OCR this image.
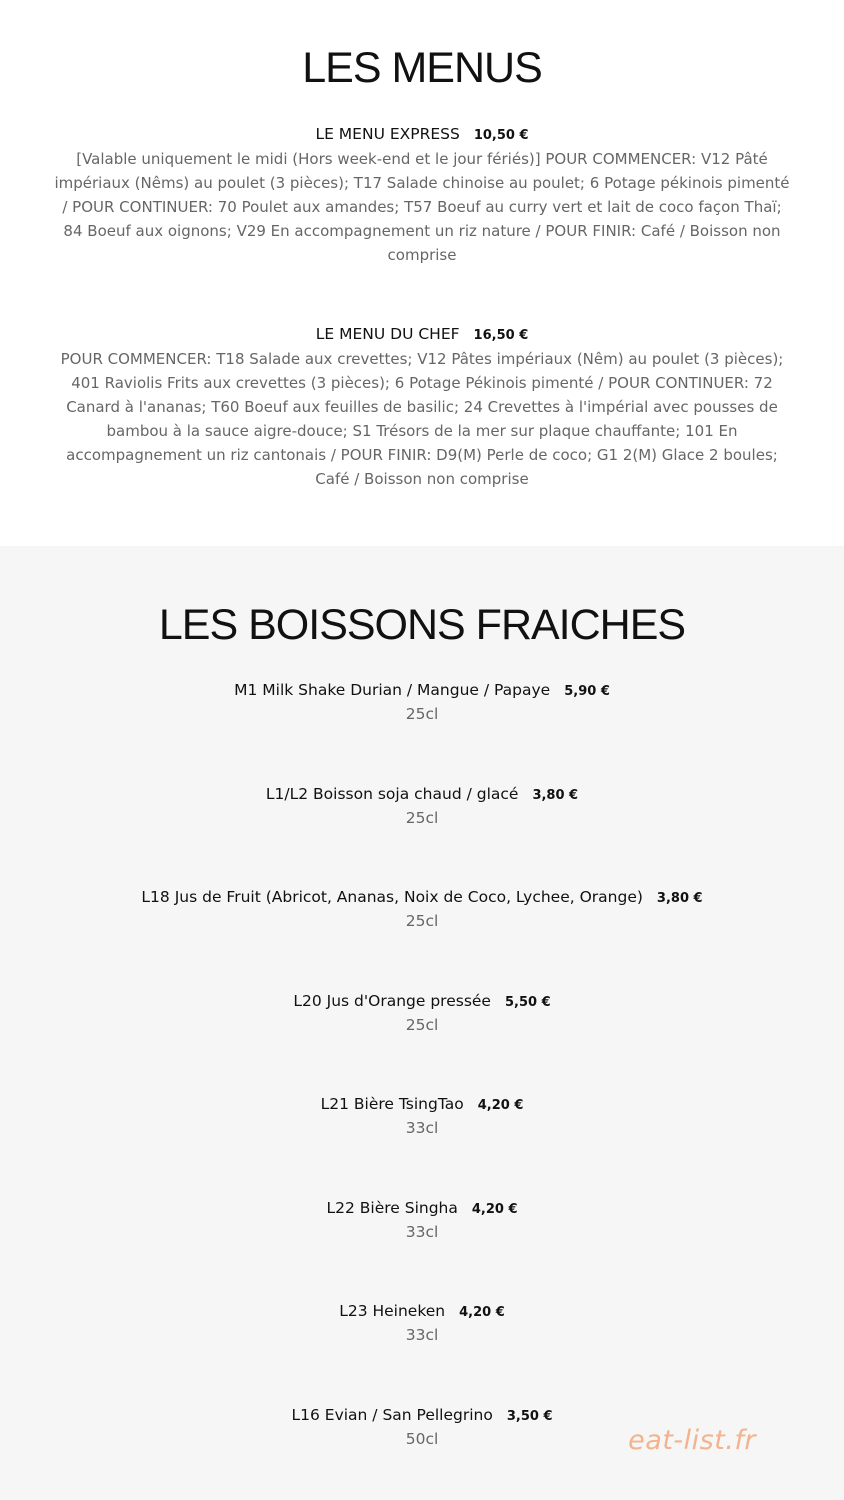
LES MENUS
LE MENU EXPRESS 10,50 €

[Valable uniquement le midi (Hors week-end et le jour fériés)] POUR COMMENCER: V12 Pâté impériaux (Nêms) au poulet (3 pièces); T17 Salade chinoise au poulet; 6 Potage pékinois pimenté / POUR CONTINUER: 70 Poulet aux amandes; T57 Boeuf au curry vert et lait de coco façon Thaï; 84 Boeuf aux oignons; V29 En accompagnement un riz nature / POUR FINIR: Café / Boisson non comprise

LE MENU DU CHEF 16,50 €

POUR COMMENCER: T18 Salade aux crevettes; V12 Pâtes impériaux (Nêm) au poulet (3 pièces); 401 Raviolis Frits aux crevettes (3 pièces); 6 Potage Pékinois pimenté / POUR CONTINUER: 72 Canard à l'ananas; T60 Boeuf aux feuilles de basilic; 24 Crevettes à l'impérial avec pousses de bambou à la sauce aigre-douce; S1 Trésors de la mer sur plaque chauffante; 101 En accompagnement un riz cantonais / POUR FINIR: D9(M) Perle de coco; G1 2(M) Glace 2 boules; Café / Boisson non comprise

LES BOISSONS FRAICHES
M1 Milk Shake Durian / Mangue / Papaye 5,90 €
25cl
L1/L2 Boisson soja chaud / glacé 3,80 €
25cl
L18 Jus de Fruit (Abricot, Ananas, Noix de Coco, Lychee, Orange) 3,80 €
25cl
L20 Jus d'Orange pressée 5,50 €
25cl
L21 Bière TsingTao 4,20 €
33cl
L22 Bière Singha 4,20 €
33cl
L23 Heineken 4,20 €
33cl
L16 Evian / San Pellegrino 3,50 €
50cl	eat-list.fr
